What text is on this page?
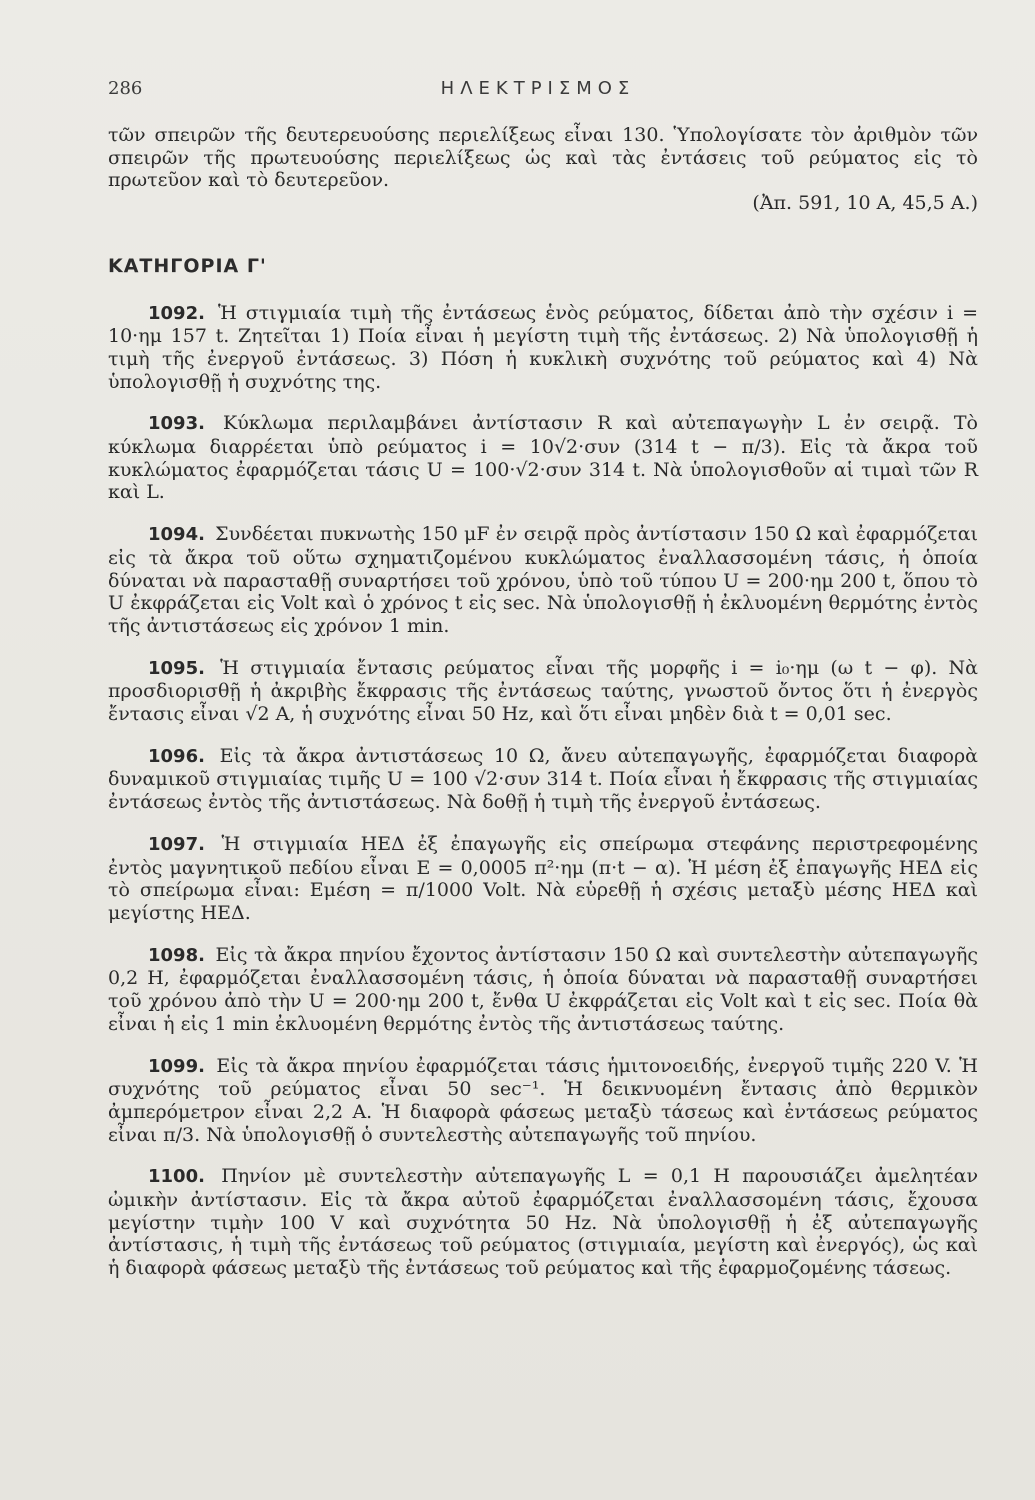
286	ΗΛΕΚΤΡΙΣΜΟΣ

τῶν σπειρῶν τῆς δευτερευούσης περιελίξεως εἶναι 130. Ὑπολογίσατε τὸν ἀριθμὸν τῶν σπειρῶν τῆς πρωτευούσης περιελίξεως ὡς καὶ τὰς ἐντάσεις τοῦ ρεύματος εἰς τὸ πρωτεῦον καὶ τὸ δευτερεῦον.

(Ἀπ. 591, 10 A, 45,5 A.)

ΚΑΤΗΓΟΡΙΑ Γ'

1092. Ἡ στιγμιαία τιμὴ τῆς ἐντάσεως ἑνὸς ρεύματος, δίδεται ἀπὸ τὴν σχέσιν i = 10·ημ 157 t. Ζητεῖται 1) Ποία εἶναι ἡ μεγίστη τιμὴ τῆς ἐντάσεως. 2) Νὰ ὑπολογισθῇ ἡ τιμὴ τῆς ἐνεργοῦ ἐντάσεως. 3) Πόση ἡ κυκλικὴ συχνότης τοῦ ρεύματος καὶ 4) Νὰ ὑπολογισθῇ ἡ συχνότης της.

1093. Κύκλωμα περιλαμβάνει ἀντίστασιν R καὶ αὐτεπαγωγὴν L ἐν σειρᾷ. Τὸ κύκλωμα διαρρέεται ὑπὸ ρεύματος i = 10√2·συν (314 t − π/3). Εἰς τὰ ἄκρα τοῦ κυκλώματος ἐφαρμόζεται τάσις U = 100·√2·συν 314 t. Νὰ ὑπολογισθοῦν αἱ τιμαὶ τῶν R καὶ L.

1094. Συνδέεται πυκνωτὴς 150 μF ἐν σειρᾷ πρὸς ἀντίστασιν 150 Ω καὶ ἐφαρμόζεται εἰς τὰ ἄκρα τοῦ οὕτω σχηματιζομένου κυκλώματος ἐναλλασσομένη τάσις, ἡ ὁποία δύναται νὰ παρασταθῇ συναρτήσει τοῦ χρόνου, ὑπὸ τοῦ τύπου U = 200·ημ 200 t, ὅπου τὸ U ἐκφράζεται εἰς Volt καὶ ὁ χρόνος t εἰς sec. Νὰ ὑπολογισθῇ ἡ ἐκλυομένη θερμότης ἐντὸς τῆς ἀντιστάσεως εἰς χρόνον 1 min.

1095. Ἡ στιγμιαία ἔντασις ρεύματος εἶναι τῆς μορφῆς i = i₀·ημ (ω t − φ). Νὰ προσδιορισθῇ ἡ ἀκριβὴς ἔκφρασις τῆς ἐντάσεως ταύτης, γνωστοῦ ὄντος ὅτι ἡ ἐνεργὸς ἔντασις εἶναι √2 A, ἡ συχνότης εἶναι 50 Hz, καὶ ὅτι εἶναι μηδὲν διὰ t = 0,01 sec.

1096. Εἰς τὰ ἄκρα ἀντιστάσεως 10 Ω, ἄνευ αὐτεπαγωγῆς, ἐφαρμόζεται διαφορὰ δυναμικοῦ στιγμιαίας τιμῆς U = 100 √2·συν 314 t. Ποία εἶναι ἡ ἔκφρασις τῆς στιγμιαίας ἐντάσεως ἐντὸς τῆς ἀντιστάσεως. Νὰ δοθῇ ἡ τιμὴ τῆς ἐνεργοῦ ἐντάσεως.

1097. Ἡ στιγμιαία ΗΕΔ ἐξ ἐπαγωγῆς εἰς σπείρωμα στεφάνης περιστρεφομένης ἐντὸς μαγνητικοῦ πεδίου εἶναι E = 0,0005 π²·ημ (π·t − α). Ἡ μέση ἐξ ἐπαγωγῆς ΗΕΔ εἰς τὸ σπείρωμα εἶναι: Eμέση = π/1000 Volt. Νὰ εὑρεθῇ ἡ σχέσις μεταξὺ μέσης ΗΕΔ καὶ μεγίστης ΗΕΔ.

1098. Εἰς τὰ ἄκρα πηνίου ἔχοντος ἀντίστασιν 150 Ω καὶ συντελεστὴν αὐτεπαγωγῆς 0,2 H, ἐφαρμόζεται ἐναλλασσομένη τάσις, ἡ ὁποία δύναται νὰ παρασταθῇ συναρτήσει τοῦ χρόνου ἀπὸ τὴν U = 200·ημ 200 t, ἔνθα U ἐκφράζεται εἰς Volt καὶ t εἰς sec. Ποία θὰ εἶναι ἡ εἰς 1 min ἐκλυομένη θερμότης ἐντὸς τῆς ἀντιστάσεως ταύτης.

1099. Εἰς τὰ ἄκρα πηνίου ἐφαρμόζεται τάσις ἡμιτονοειδής, ἐνεργοῦ τιμῆς 220 V. Ἡ συχνότης τοῦ ρεύματος εἶναι 50 sec⁻¹. Ἡ δεικνυομένη ἔντασις ἀπὸ θερμικὸν ἀμπερόμετρον εἶναι 2,2 A. Ἡ διαφορὰ φάσεως μεταξὺ τάσεως καὶ ἐντάσεως ρεύματος εἶναι π/3. Νὰ ὑπολογισθῇ ὁ συντελεστὴς αὐτεπαγωγῆς τοῦ πηνίου.

1100. Πηνίον μὲ συντελεστὴν αὐτεπαγωγῆς L = 0,1 H παρουσιάζει ἀμελητέαν ὠμικὴν ἀντίστασιν. Εἰς τὰ ἄκρα αὐτοῦ ἐφαρμόζεται ἐναλλασσομένη τάσις, ἔχουσα μεγίστην τιμὴν 100 V καὶ συχνότητα 50 Hz. Νὰ ὑπολογισθῇ ἡ ἐξ αὐτεπαγωγῆς ἀντίστασις, ἡ τιμὴ τῆς ἐντάσεως τοῦ ρεύματος (στιγμιαία, μεγίστη καὶ ἐνεργός), ὡς καὶ ἡ διαφορὰ φάσεως μεταξὺ τῆς ἐντάσεως τοῦ ρεύματος καὶ τῆς ἐφαρμοζομένης τάσεως.
